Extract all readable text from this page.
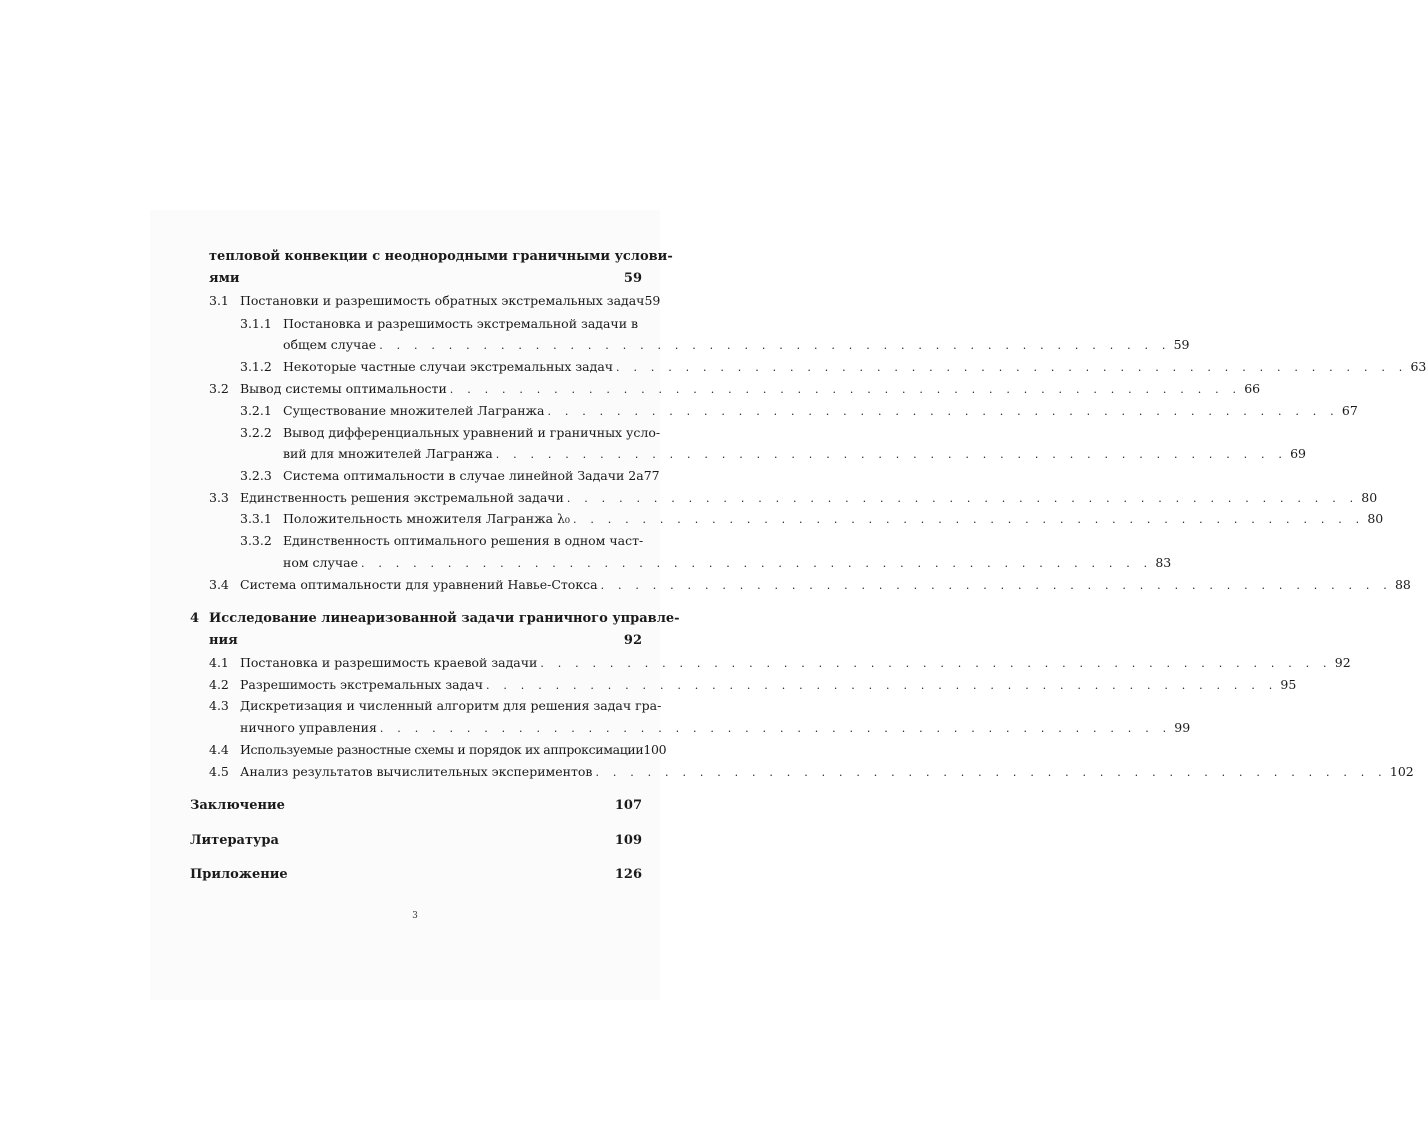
тепловой конвекции с неоднородными граничными услови-
ями	59
3.1 Постановки и разрешимость обратных экстремальных задач 59
3.1.1 Постановка и разрешимость экстремальной задачи в
общем случае . . .	59
3.1.2 Некоторые частные случаи экстремальных задач . . .	63
3.2 Вывод системы оптимальности . . .	66
3.2.1 Существование множителей Лагранжа . . .	67
3.2.2 Вывод дифференциальных уравнений и граничных усло-
вий для множителей Лагранжа . . .	69
3.2.3 Система оптимальности в случае линейной Задачи 2а 77
3.3 Единственность решения экстремальной задачи . . .	80
3.3.1 Положительность множителя Лагранжа λ₀ . . .	80
3.3.2 Единственность оптимального решения в одном част-
ном случае . . .	83
3.4 Система оптимальности для уравнений Навье-Стокса . . .	88
4 Исследование линеаризованной задачи граничного управле-
ния	92
4.1 Постановка и разрешимость краевой задачи . . .	92
4.2 Разрешимость экстремальных задач . . .	95
4.3 Дискретизация и численный алгоритм для решения задач гра-
ничного управления . . .	99
4.4 Используемые разностные схемы и порядок их аппроксимации 100
4.5 Анализ результатов вычислительных экспериментов . . .	102
Заключение	107
Литература	109
Приложение	126
3
